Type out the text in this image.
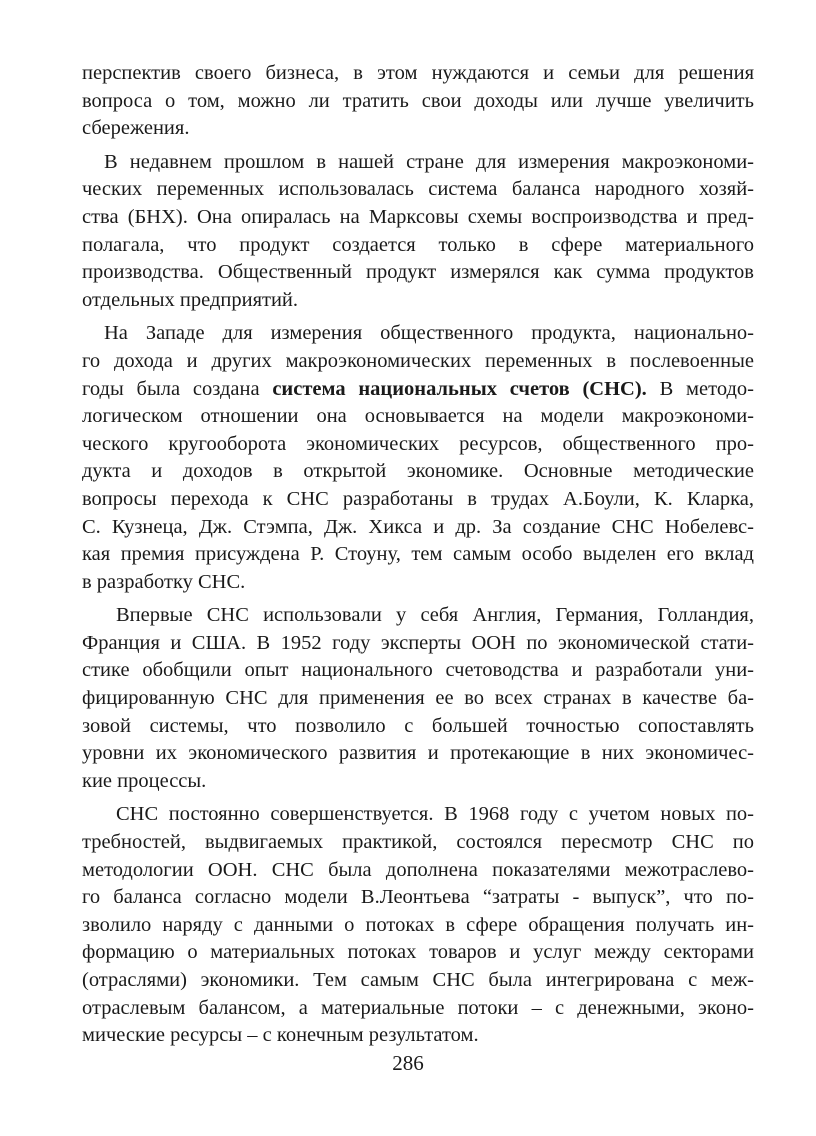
перспектив своего бизнеса, в этом нуждаются и семьи для решения
вопроса о том, можно ли тратить свои доходы или лучше увеличить
сбережения.
В недавнем прошлом в нашей стране для измерения макроэкономи-
ческих переменных использовалась система баланса народного хозяй-
ства (БНХ). Она опиралась на Марксовы схемы воспроизводства и пред-
полагала, что продукт создается только в сфере материального
производства. Общественный продукт измерялся как сумма продуктов
отдельных предприятий.
На Западе для измерения общественного продукта, национально-
го дохода и других макроэкономических переменных в послевоенные
годы была создана система национальных счетов (СНС). В методо-
логическом отношении она основывается на модели макроэкономи-
ческого кругооборота экономических ресурсов, общественного про-
дукта и доходов в открытой экономике. Основные методические
вопросы перехода к СНС разработаны в трудах А.Боули, К. Кларка,
С. Кузнеца, Дж. Стэмпа, Дж. Хикса и др. За создание СНС Нобелевс-
кая премия присуждена Р. Стоуну, тем самым особо выделен его вклад
в разработку СНС.
Впервые СНС использовали у себя Англия, Германия, Голландия,
Франция и США. В 1952 году эксперты ООН по экономической стати-
стике обобщили опыт национального счетоводства и разработали уни-
фицированную СНС для применения ее во всех странах в качестве ба-
зовой системы, что позволило с большей точностью сопоставлять
уровни их экономического развития и протекающие в них экономичес-
кие процессы.
СНС постоянно совершенствуется. В 1968 году с учетом новых по-
требностей, выдвигаемых практикой, состоялся пересмотр СНС по
методологии ООН. СНС была дополнена показателями межотраслево-
го баланса согласно модели В.Леонтьева “затраты - выпуск”, что по-
зволило наряду с данными о потоках в сфере обращения получать ин-
формацию о материальных потоках товаров и услуг между секторами
(отраслями) экономики. Тем самым СНС была интегрирована с меж-
отраслевым балансом, а материальные потоки – с денежными, эконо-
мические ресурсы – с конечным результатом.
286
